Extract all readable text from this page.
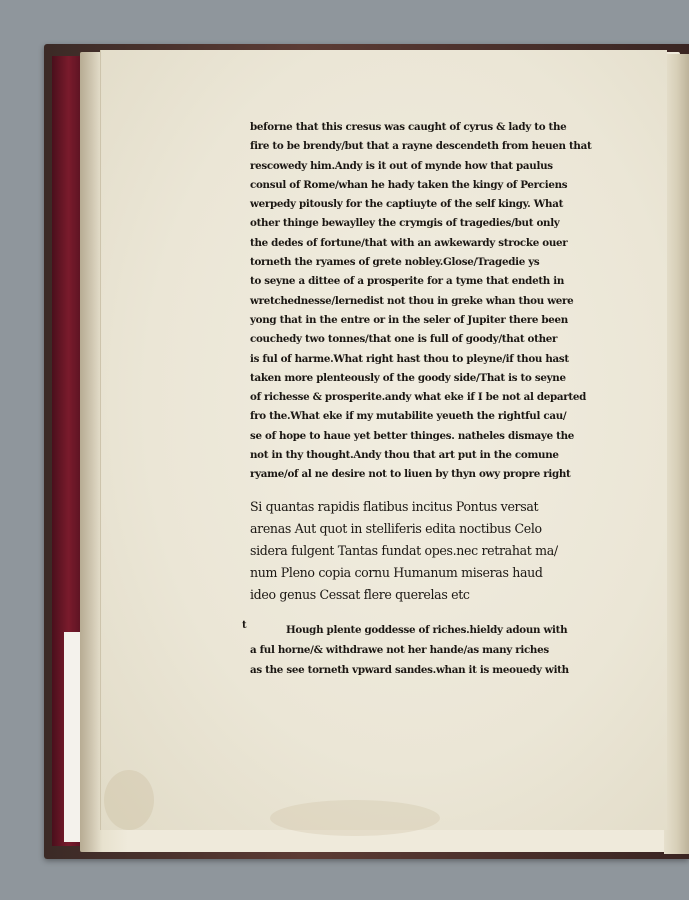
beforne that this cresus was caught of cyrus & lady to the
fire to be brendy/but that a rayne descendeth from heuen that
rescowedy him.Andy is it out of mynde how that paulus
consul of Rome/whan he hady taken the kingy of Perciens
werpedy pitously for the captiuyte of the self kingy. What
other thinge bewaylley the crymgis of tragedies/but only
the dedes of fortune/that with an awkewardy strocke ouer
torneth the ryames of grete nobley.Glose/Tragedie ys
to seyne a dittee of a prosperite for a tyme that endeth in
wretchednesse/lernedist not thou in greke whan thou were
yong that in the entre or in the seler of Jupiter there been
couchedy two tonnes/that one is full of goody/that other
is ful of harme.What right hast thou to pleyne/if thou hast
taken more plenteously of the goody side/That is to seyne
of richesse & prosperite.andy what eke if I be not al departed
fro the.What eke if my mutabilite yeueth the rightful cau/
se of hope to haue yet better thinges. natheles dismaye the
not in thy thought.Andy thou that art put in the comune
ryame/of al ne desire not to liuen by thyn owy propre right
Si quantas rapidis flatibus incitus Pontus versat
arenas Aut quot in stelliferis edita noctibus Celo
sidera fulgent Tantas fundat opes.nec retrahat ma/
num Pleno copia cornu Humanum miseras haud
ideo genus Cessat flere querelas etc
t	Hough plente goddesse of riches.hieldy adoun with
a ful horne/& withdrawe not her hande/as many riches
as the see torneth vpward sandes.whan it is meouedy with
